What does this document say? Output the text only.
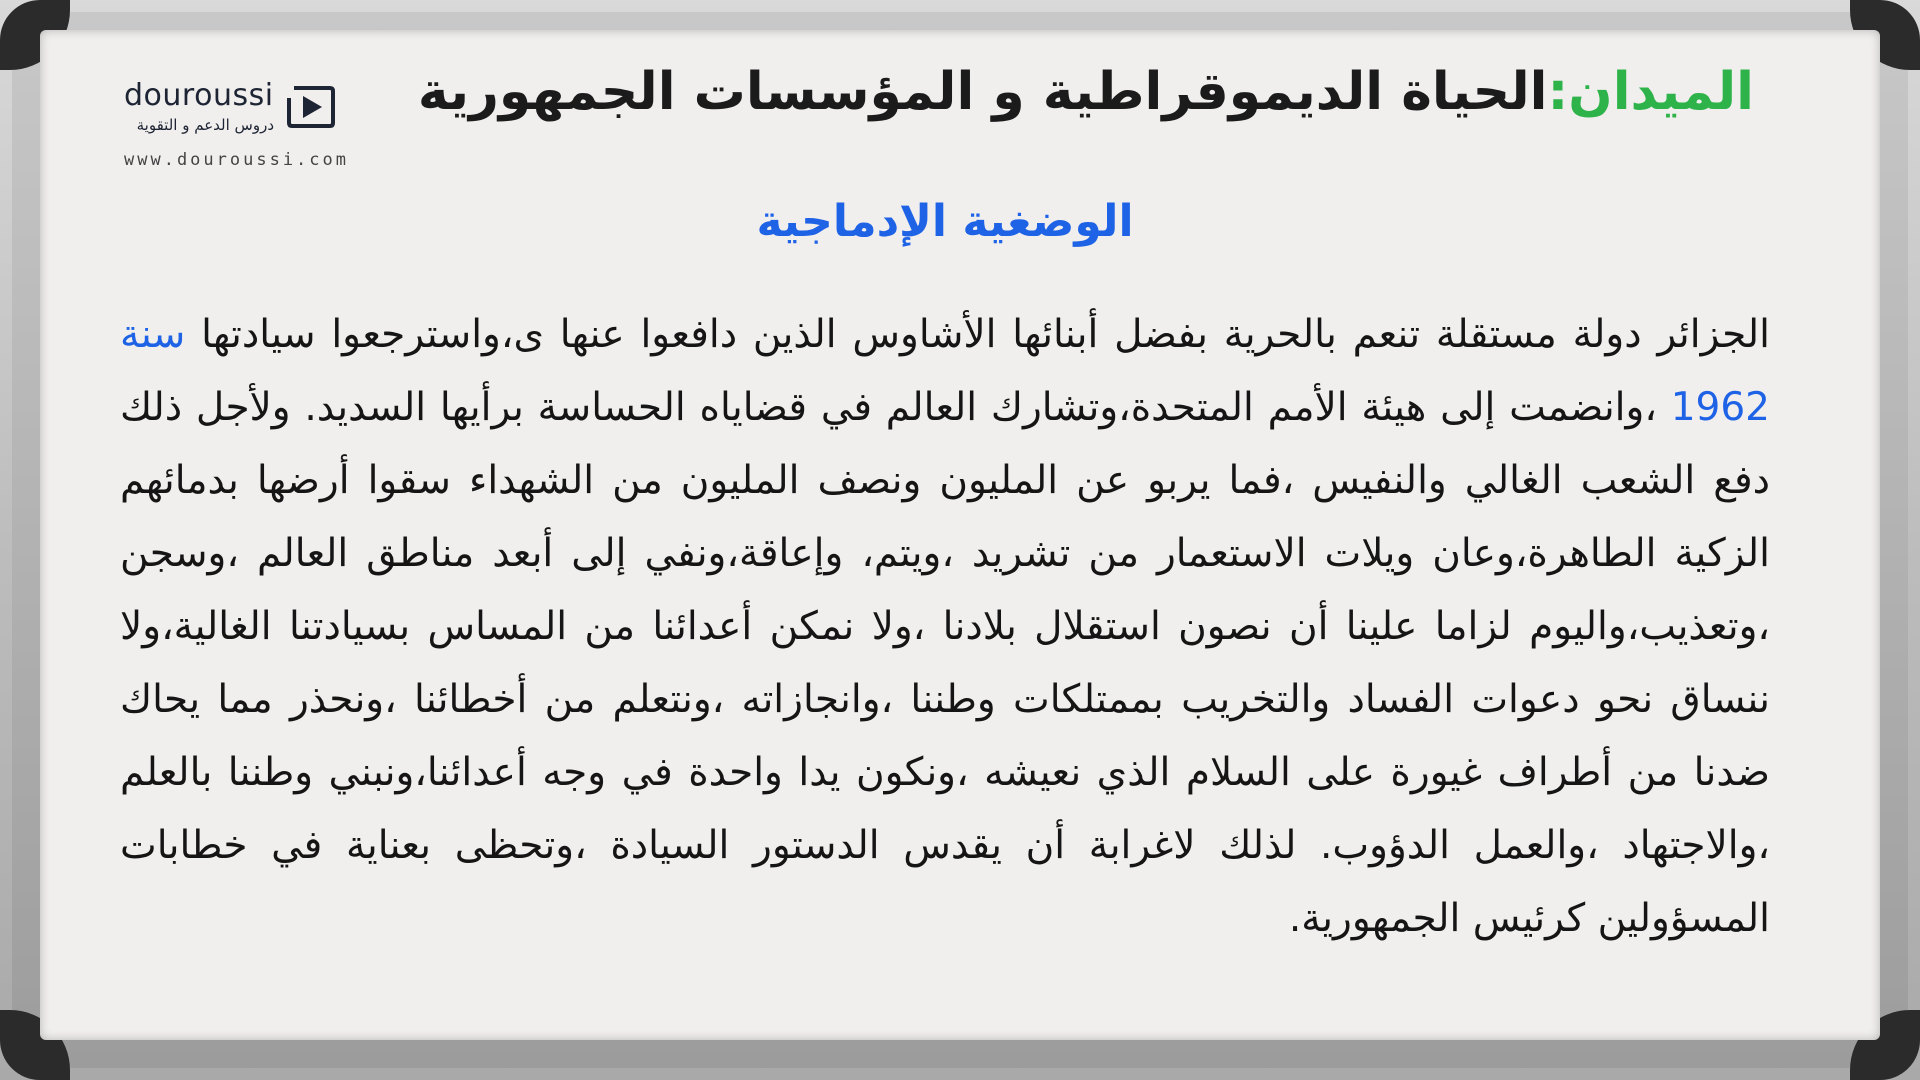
douroussi
دروس الدعم و التقوية
www.douroussi.com
الميدان:الحياة الديموقراطية و المؤسسات الجمهورية
الوضغية الإدماجية
الجزائر دولة مستقلة تنعم بالحرية بفضل أبنائها الأشاوس الذين دافعوا عنها ى،واسترجعوا سيادتها سنة 1962 ،وانضمت إلى هيئة الأمم المتحدة،وتشارك العالم في قضاياه الحساسة برأيها السديد. ولأجل ذلك دفع الشعب الغالي والنفيس ،فما يربو عن المليون ونصف المليون من الشهداء سقوا أرضها بدمائهم الزكية الطاهرة،وعان ويلات الاستعمار من تشريد ،ويتم، وإعاقة،ونفي إلى أبعد مناطق العالم ،وسجن ،وتعذيب،واليوم لزاما علينا أن نصون استقلال بلادنا ،ولا نمكن أعدائنا من المساس بسيادتنا الغالية،ولا ننساق نحو دعوات الفساد والتخريب بممتلكات وطننا ،وانجازاته ،ونتعلم من أخطائنا ،ونحذر مما يحاك ضدنا من أطراف غيورة على السلام الذي نعيشه ،ونكون يدا واحدة في وجه أعدائنا،ونبني وطننا بالعلم ،والاجتهاد ،والعمل الدؤوب. لذلك لاغرابة أن يقدس الدستور السيادة ،وتحظى بعناية في خطابات المسؤولين كرئيس الجمهورية.
